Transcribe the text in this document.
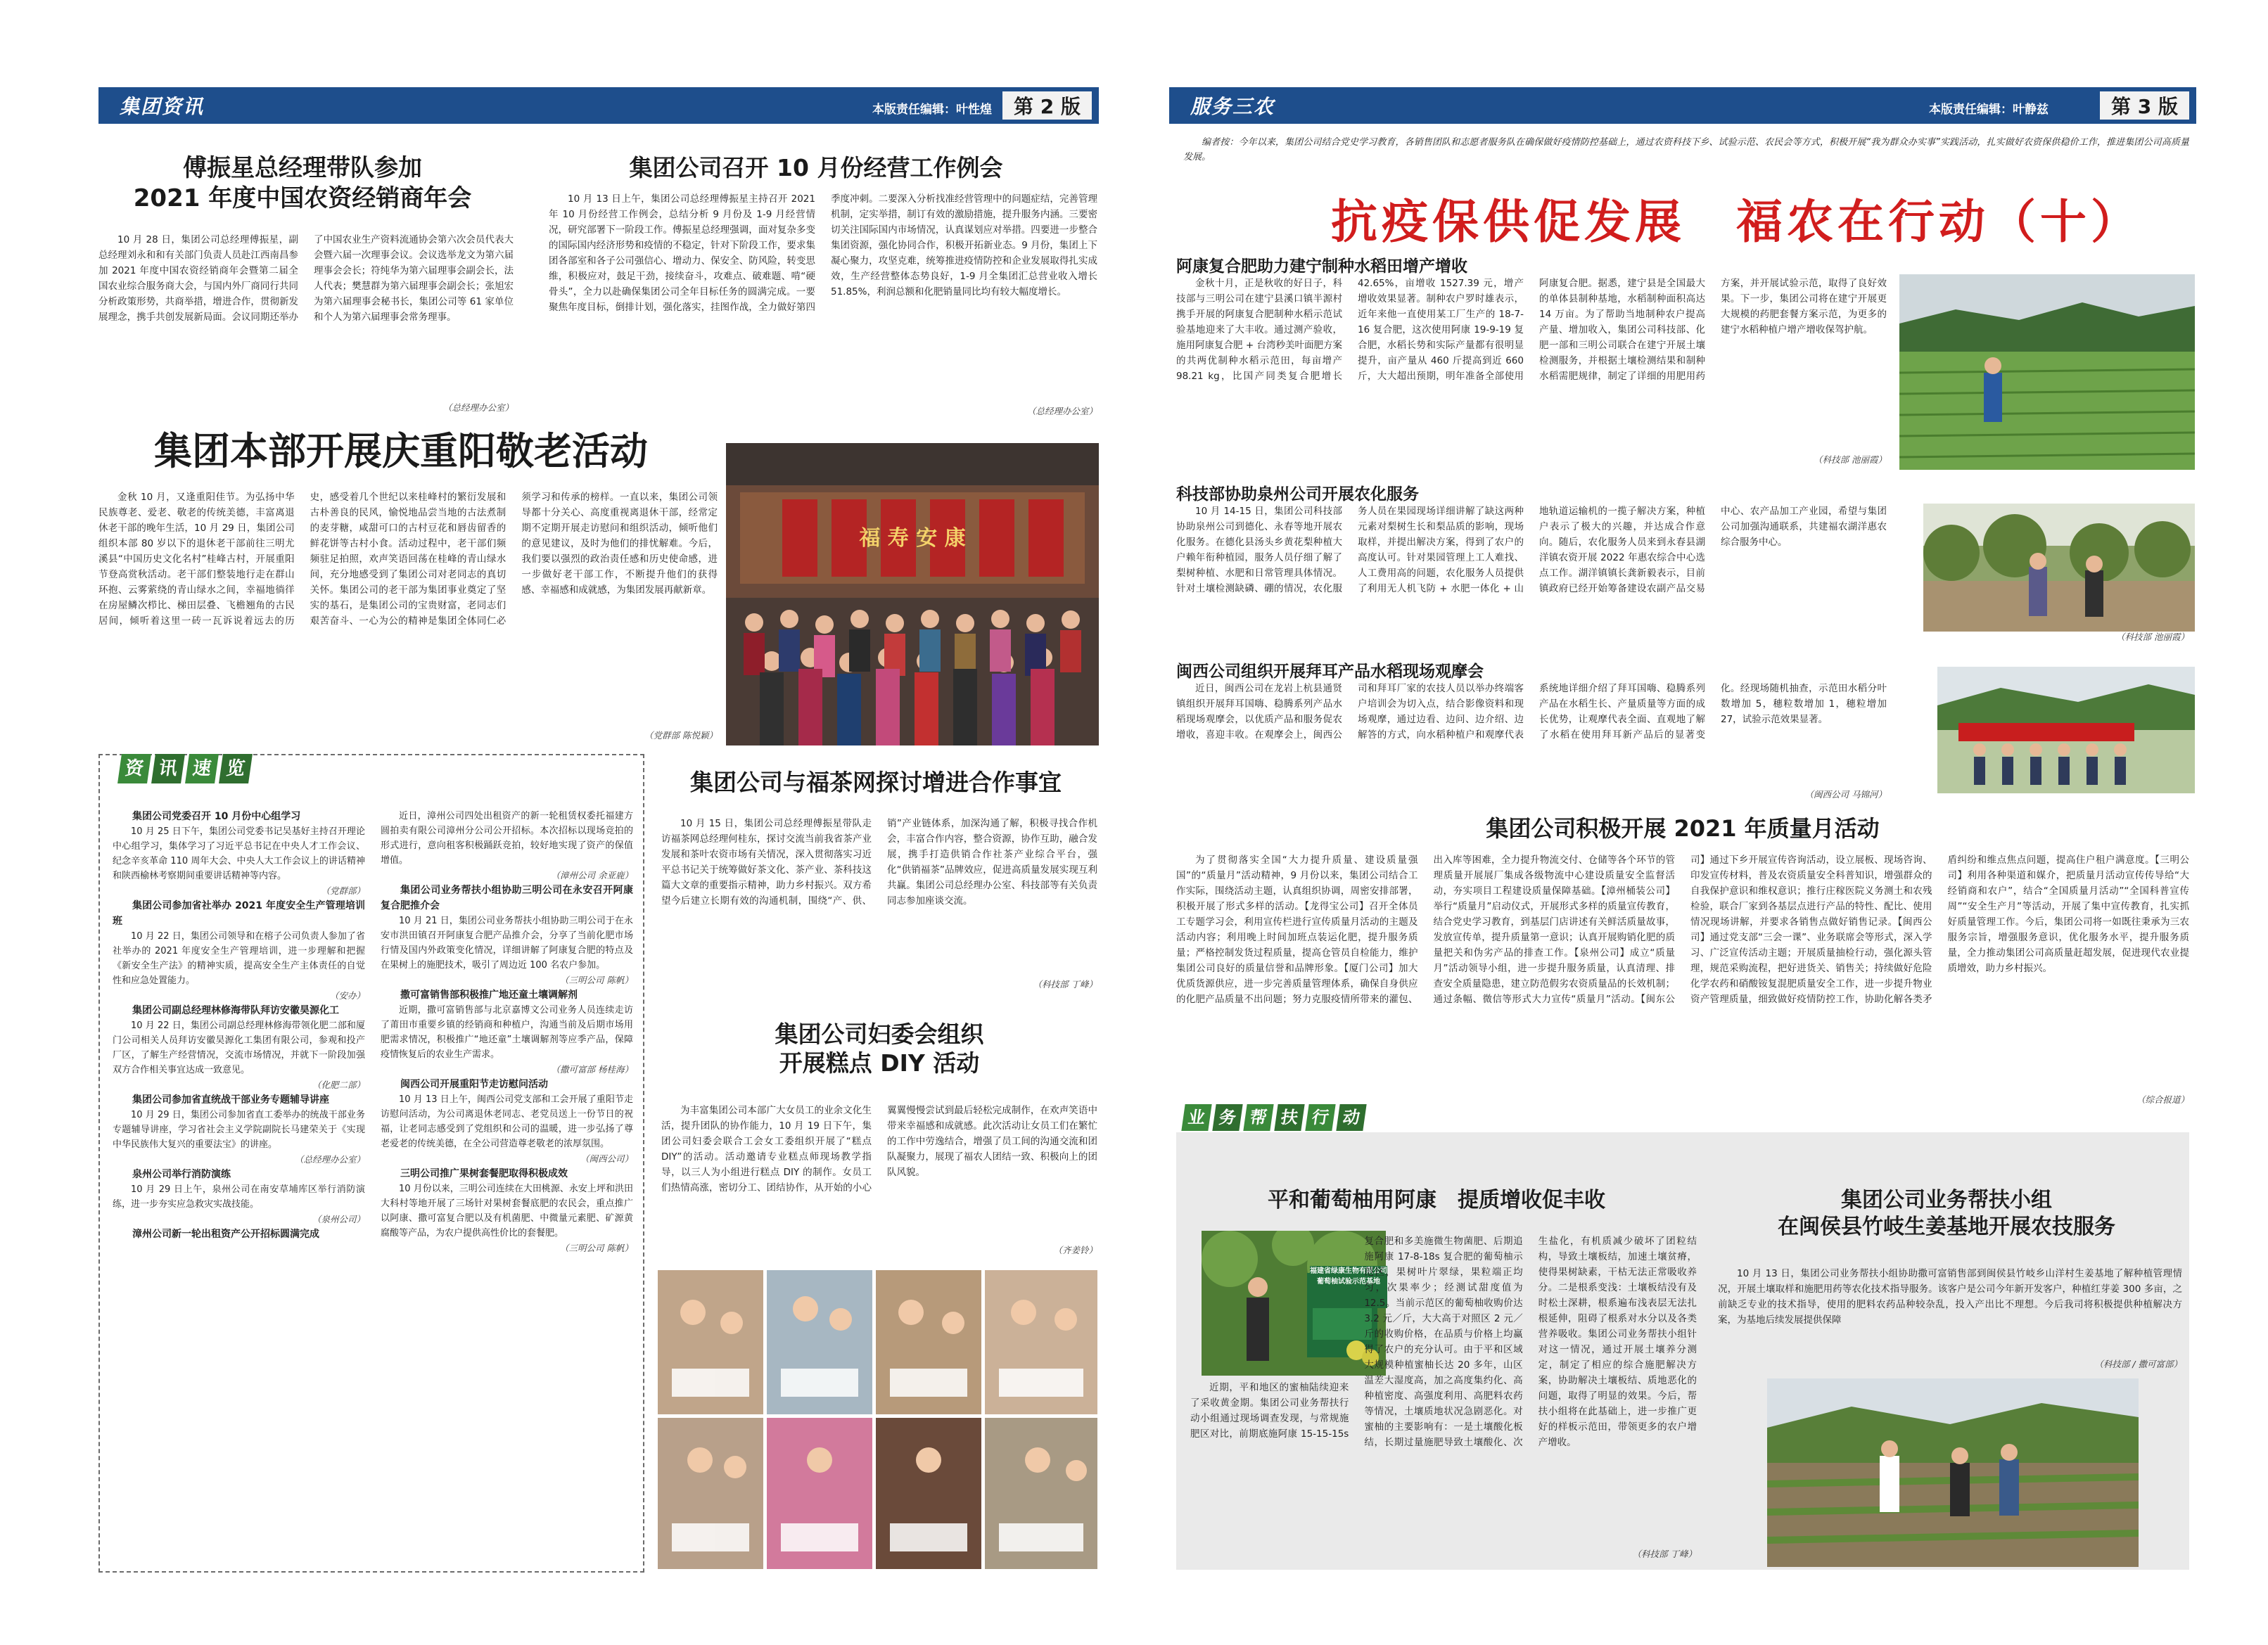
集团资讯	本版责任编辑：叶性煌	第 2 版
傅振星总经理带队参加
2021 年度中国农资经销商年会

10 月 28 日，集团公司总经理傅振星，副总经理刘永和和有关部门负责人员赴江西南昌参加 2021 年度中国农资经销商年会暨第二届全国农业综合服务商大会，与国内外厂商同行共同分析政策形势，共商举措，增进合作，贯彻新发展理念，携手共创发展新局面。会议同期还举办了中国农业生产资料流通协会第六次会员代表大会暨六届一次理事会议。会议选举龙文为第六届理事会会长；符纯华为第六届理事会副会长，法人代表；樊慧群为第六届理事会副会长；张旭宏为第六届理事会秘书长，集团公司等 61 家单位和个人为第六届理事会常务理事。

（总经理办公室）
集团公司召开 10 月份经营工作例会

10 月 13 日上午，集团公司总经理傅振星主持召开 2021 年 10 月份经营工作例会，总结分析 9 月份及 1-9 月经营情况，研究部署下一阶段工作。傅振星总经理强调，面对复杂多变的国际国内经济形势和疫情的不稳定，针对下阶段工作，要求集团各部室和各子公司强信心、增动力、保安全、防风险，转变思维，积极应对，鼓足干劲，接续奋斗，攻难点、破难题、啃“硬骨头”，全力以赴确保集团公司全年目标任务的圆满完成。一要聚焦年度目标，倒排计划，强化落实，挂图作战，全力做好第四季度冲刺。二要深入分析找准经营管理中的问题症结，完善管理机制，定实举措，制订有效的激励措施，提升服务内涵。三要密切关注国际国内市场情况，认真谋划应对举措。四要进一步整合集团资源，强化协同合作，积极开拓新业态。9 月份，集团上下凝心聚力，攻坚克难，统筹推进疫情防控和企业发展取得扎实成效，生产经营整体态势良好，1-9 月全集团汇总营业收入增长 51.85%，利润总额和化肥销量同比均有较大幅度增长。

（总经理办公室）
集团本部开展庆重阳敬老活动

金秋 10 月，又逢重阳佳节。为弘扬中华民族尊老、爱老、敬老的传统美德，丰富离退休老干部的晚年生活，10 月 29 日，集团公司组织本部 80 岁以下的退休老干部前往三明尤溪县“中国历史文化名村”桂峰古村，开展重阳节登高赏秋活动。老干部们整装地行走在群山环抱、云雾萦绕的青山绿水之间，幸福地徜徉在房屋鳞次栉比、梯田层叠、飞檐翘角的古民居间，倾听着这里一砖一瓦诉说着远去的历史，感受着几个世纪以来桂峰村的繁衍发展和古朴善良的民风，愉悦地品尝当地的古法煮制的麦芽糖，咸甜可口的古村豆花和唇齿留香的鲜花饼等古村小食。活动过程中，老干部们频频驻足拍照，欢声笑语回荡在桂峰的青山绿水间，充分地感受到了集团公司对老同志的真切关怀。集团公司的老干部为集团事业奠定了坚实的基石，是集团公司的宝贵财富，老同志们艰苦奋斗、一心为公的精神是集团全体同仁必须学习和传承的榜样。一直以来，集团公司领导都十分关心、高度重视离退休干部，经常定期不定期开展走访慰问和组织活动，倾听他们的意见建议，及时为他们的排忧解难。今后，我们要以强烈的政治责任感和历史使命感，进一步做好老干部工作，不断提升他们的获得感、幸福感和成就感，为集团发展再献新章。

（党群部 陈悦颖）
福 寿 安 康
资 讯 速 览

集团公司党委召开 10 月份中心组学习

10 月 25 日下午，集团公司党委书记吴基好主持召开理论中心组学习，集体学习了习近平总书记在中央人才工作会议、纪念辛亥革命 110 周年大会、中央人大工作会议上的讲话精神和陕西榆林考察期间重要讲话精神等内容。

（党群部）

集团公司参加省社举办 2021 年度安全生产管理培训班

10 月 22 日，集团公司领导和在榕子公司负责人参加了省社举办的 2021 年度安全生产管理培训，进一步理解和把握《新安全生产法》的精神实质，提高安全生产主体责任的自觉性和应急处置能力。

（安办）

集团公司副总经理林修海带队拜访安徽昊源化工

10 月 22 日，集团公司副总经理林修海带领化肥二部和厦门公司相关人员拜访安徽昊源化工集团有限公司，参观和投产厂区，了解生产经营情况，交流市场情况，并就下一阶段加强双方合作相关事宜达成一致意见。

（化肥二部）

集团公司参加省直统战干部业务专题辅导讲座

10 月 29 日，集团公司参加省直工委举办的统战干部业务专题辅导讲座，学习省社会主义学院副院长马建荣关于《实现中华民族伟大复兴的重要法宝》的讲座。

（总经理办公室）

泉州公司举行消防演练

10 月 29 日上午，泉州公司在南安草埔库区举行消防演练，进一步夯实应急救灾实战技能。

（泉州公司）

漳州公司新一轮出租资产公开招标圆满完成

近日，漳州公司四处出租资产的新一轮租赁权委托福建方圆拍卖有限公司漳州分公司公开招标。本次招标以现场竞拍的形式进行，意向租客积极踊跃竞拍，较好地实现了资产的保值增值。

（漳州公司 余亚鹿）

集团公司业务帮扶小组协助三明公司在永安召开阿康复合肥推介会

10 月 21 日，集团公司业务帮扶小组协助三明公司于在永安市洪田镇召开阿康复合肥产品推介会，分享了当前化肥市场行情及国内外政策变化情况，详细讲解了阿康复合肥的特点及在果树上的施肥技术，吸引了周边近 100 名农户参加。

（三明公司 陈帆）

撒可富销售部积极推广地还童土壤调解剂

近期，撒可富销售部与北京嘉博文公司业务人员连续走访了莆田市重要乡镇的经销商和种植户，沟通当前及后期市场用肥需求情况，积极推广“地还童”土壤调解剂等应季产品，保障疫情恢复后的农业生产需求。

（撒可富部 杨桂海）

闽西公司开展重阳节走访慰问活动

10 月 13 日上午，闽西公司党支部和工会开展了重阳节走访慰问活动，为公司离退休老同志、老党员送上一份节日的祝福，让老同志感受到了党组织和公司的温暖，进一步弘扬了尊老爱老的传统美德，在全公司营造尊老敬老的浓厚氛围。

（闽西公司）

三明公司推广果树套餐肥取得积极成效

10 月份以来，三明公司连续在大田桃源、永安上坪和洪田大科村等地开展了三场针对果树套餐底肥的农民会，重点推广以阿康、撒可富复合肥以及有机菌肥、中微量元素肥、矿源黄腐酸等产品，为农户提供高性价比的套餐肥。

（三明公司 陈帆）
集团公司与福茶网探讨增进合作事宜

10 月 15 日，集团公司总经理傅振星带队走访福茶网总经理何桂东，探讨交流当前我省茶产业发展和茶叶农资市场有关情况，深入贯彻落实习近平总书记关于统筹做好茶文化、茶产业、茶科技这篇大文章的重要指示精神，助力乡村振兴。双方希望今后建立长期有效的沟通机制，围绕“产、供、销”产业链体系，加深沟通了解，积极寻找合作机会，丰富合作内容，整合资源，协作互助，融合发展，携手打造供销合作社茶产业综合平台，强化“供销福茶”品牌效应，促进高质量发展实现互利共赢。集团公司总经理办公室、科技部等有关负责同志参加座谈交流。

（科技部 丁峰）
集团公司妇委会组织
开展糕点 DIY 活动

为丰富集团公司本部广大女员工的业余文化生活，提升团队的协作能力，10 月 19 日下午，集团公司妇委会联合工会女工委组织开展了“糕点 DIY”的活动。活动邀请专业糕点师现场教学指导，以三人为小组进行糕点 DIY 的制作。女员工们热情高涨，密切分工、团结协作，从开始的小心翼翼慢慢尝试到最后轻松完成制作，在欢声笑语中带来幸福感和成就感。此次活动让女员工们在繁忙的工作中劳逸结合，增强了员工间的沟通交流和团队凝聚力，展现了福农人团结一致、积极向上的团队风貌。

（齐姜铃）
服务三农	本版责任编辑：叶静兹	第 3 版

编者按：今年以来，集团公司结合党史学习教育，各销售团队和志愿者服务队在确保做好疫情防控基础上，通过农资科技下乡、试验示范、农民会等方式，积极开展“我为群众办实事”实践活动，扎实做好农资保供稳价工作，推进集团公司高质量发展。

抗疫保供促发展　福农在行动（十）
阿康复合肥助力建宁制种水稻田增产增收

金秋十月，正是秋收的好日子，科技部与三明公司在建宁县溪口镇半源村携手开展的阿康复合肥制种水稻示范试验基地迎来了大丰收。通过测产验收，施用阿康复合肥 + 台湾秒美叶面肥方案的共两优制种水稻示范田，每亩增产 98.21 kg，比国产同类复合肥增长 42.65%，亩增收 1527.39 元，增产增收效果显著。制种农户罗时雄表示，近年来他一直使用某工厂生产的 18-7-16 复合肥，这次使用阿康 19-9-19 复合肥，水稻长势和实际产量都有很明显提升，亩产量从 460 斤提高到近 660 斤，大大超出预期，明年准备全部使用阿康复合肥。据悉，建宁县是全国最大的单体县制种基地，水稻制种面积高达 14 万亩。为了帮助当地制种农户提高产量、增加收入，集团公司科技部、化肥一部和三明公司联合在建宁开展土壤检测服务，并根据土壤检测结果和制种水稻需肥规律，制定了详细的用肥用药方案，并开展试验示范，取得了良好效果。下一步，集团公司将在建宁开展更大规模的药肥套餐方案示范，为更多的建宁水稻种植户增产增收保驾护航。

（科技部 池丽霞）
科技部协助泉州公司开展农化服务

10 月 14-15 日，集团公司科技部协助泉州公司到德化、永春等地开展农化服务。在德化县汤头乡黄花梨种植大户赖年衔种植园，服务人员仔细了解了梨树种植、水肥和日常管理具体情况。针对土壤检测缺磷、硼的情况，农化服务人员在果园现场详细讲解了缺这两种元素对梨树生长和梨品质的影响，现场取样，并提出解决方案，得到了农户的高度认可。针对果园管理上工人难找、人工费用高的问题，农化服务人员提供了利用无人机飞防 + 水肥一体化 + 山地轨道运输机的一揽子解决方案，种植户表示了极大的兴趣，并达成合作意向。随后，农化服务人员来到永春县湖洋镇农资开展 2022 年惠农综合中心选点工作。湖洋镇镇长龚新毅表示，目前镇政府已经开始筹备建设农副产品交易中心、农产品加工产业园，希望与集团公司加强沟通联系，共建福农湖洋惠农综合服务中心。

（科技部 池丽霞）
闽西公司组织开展拜耳产品水稻现场观摩会

近日，闽西公司在龙岩上杭县通贤镇组织开展拜耳国嗨、稳腾系列产品水稻现场观摩会，以优质产品和服务促农增收，喜迎丰收。在观摩会上，闽西公司和拜耳厂家的农技人员以举办终端客户培训会为切入点，结合影像资料和现场观摩，通过边看、边问、边介绍、边解答的方式，向水稻种植户和观摩代表系统地详细介绍了拜耳国嗨、稳腾系列产品在水稻生长、产量质量等方面的成长优势，让观摩代表全面、直观地了解了水稻在使用拜耳新产品后的显著变化。经现场随机抽查，示范田水稻分叶数增加 5，穗粒数增加 1，穗粒增加 27，试验示范效果显著。

（闽西公司 马锦河）
集团公司积极开展 2021 年质量月活动

为了贯彻落实全国“大力提升质量、建设质量强国”的“质量月”活动精神，9 月份以来，集团公司结合工作实际，围绕活动主题，认真组织协调，周密安排部署，积极开展了形式多样的活动。【龙得宝公司】召开全体员工专题学习会，利用宣传栏进行宣传质量月活动的主题及活动内容；利用晚上时间加班点装运化肥，提升服务质量；严格控制发货过程质量，提高仓管员自检能力，维护集团公司良好的质量信誉和品牌形象。【厦门公司】加大优质货源供应，进一步完善质量管理体系，确保自身供应的化肥产品质量不出问题；努力克服疫情所带来的灌包、出入库等困难，全力提升物流交付、仓储等各个环节的管理质量开展展厂集成各级物流中心建设质量安全监督活动，夯实项目工程建设质量保障基础。【漳州桶装公司】举行“质量月”启动仪式，开展形式多样的质量宣传教育，结合党史学习教育，到基层门店讲述有关鲜活质量故事，发放宣传单，提升质量第一意识；认真开展购销化肥的质量把关和伪劣产品的排查工作。【泉州公司】成立“质量月”活动领导小组，进一步提升服务质量，认真清理、排查安全质量隐患，建立防范假劣农资质量品的长效机制；通过条幅、微信等形式大力宣传“质量月”活动。【闽东公司】通过下乡开展宣传咨询活动，设立展板、现场咨询、印发宣传材料，普及农资质量安全科普知识，增强群众的自我保护意识和维权意识；推行庄稼医院义务测土和农残检验，联合厂家到各基层点进行产品的特性、配比、使用情况现场讲解，并要求各销售点做好销售记录。【闽西公司】通过党支部“三会一课”、业务联席会等形式，深入学习、广泛宣传活动主题；开展质量抽检行动，强化源头管理，规范采购流程，把好进货关、销售关；持续做好危险化学农药和硝酸铵复混肥质量安全工作，进一步提升物业资产管理质量，细致做好疫情防控工作，协助化解各类矛盾纠纷和维点焦点问题，提高住户租户满意度。【三明公司】利用各种渠道和媒介，把质量月活动宣传传导给“大经销商和农户”，结合“全国质量月活动”“全国科普宣传周”“安全生产月”等活动，开展了集中宣传教育，扎实抓好质量管理工作。今后，集团公司将一如既往秉承为三农服务宗旨，增强服务意识，优化服务水平，提升服务质量，全力推动集团公司高质量赶超发展，促进现代农业提质增效，助力乡村振兴。

（综合报道）
业 务 帮 扶 行 动
平和葡萄柚用阿康　提质增收促丰收
福建省绿康生物有限公司 葡萄柚试验示范基地

近期，平和地区的蜜柚陆续迎来了采收黄金期。集团公司业务帮扶行动小组通过现场调查发现，与常规施肥区对比，前期底施阿康 15-15-15s 复合肥和多美施微生物菌肥、后期追施阿康 17-8-18s 复合肥的葡萄柚示范区，果树叶片翠绿，果粒端正均匀，次果率少；经测试甜度值为 12.5。当前示范区的葡萄柚收购价达 3.2 元／斤，大大高于对照区 2 元／斤的收购价格，在品质与价格上均赢得了农户的充分认可。由于平和区域大规模种植蜜柚长达 20 多年，山区温差大湿度高，加之高度集约化、高种植密度、高强度利用、高肥料农药等情况，土壤质地状况急剧恶化。对蜜柚的主要影响有：一是土壤酸化板结，长期过量施肥导致土壤酸化、次生盐化，有机质减少破坏了团粒结构，导致土壤板结，加速土壤贫瘠，使得果树缺素，干枯无法正常吸收养分。二是根系变浅：土壤板结没有及时松土深耕，根系遍布浅表层无法扎根延伸，阻碍了根系对水分以及各类营养吸收。集团公司业务帮扶小组针对这一情况，通过开展土壤养分测定，制定了相应的综合施肥解决方案，协助解决土壤板结、质地恶化的问题，取得了明显的效果。今后，帮扶小组将在此基础上，进一步推广更好的样板示范田，带领更多的农户增产增收。

（科技部 丁峰）
集团公司业务帮扶小组
在闽侯县竹岐生姜基地开展农技服务

10 月 13 日，集团公司业务帮扶小组协助撒可富销售部到闽侯县竹岐乡山洋村生姜基地了解种植管理情况，开展土壤取样和施肥用药等农化技术指导服务。该客户是公司今年新开发客户，种植红芽姜 300 多亩，之前缺乏专业的技术指导，使用的肥料农药品种较杂乱，投入产出比不理想。今后我司将积极提供种植解决方案，为基地后续发展提供保障

（科技部 / 撒可富部）
